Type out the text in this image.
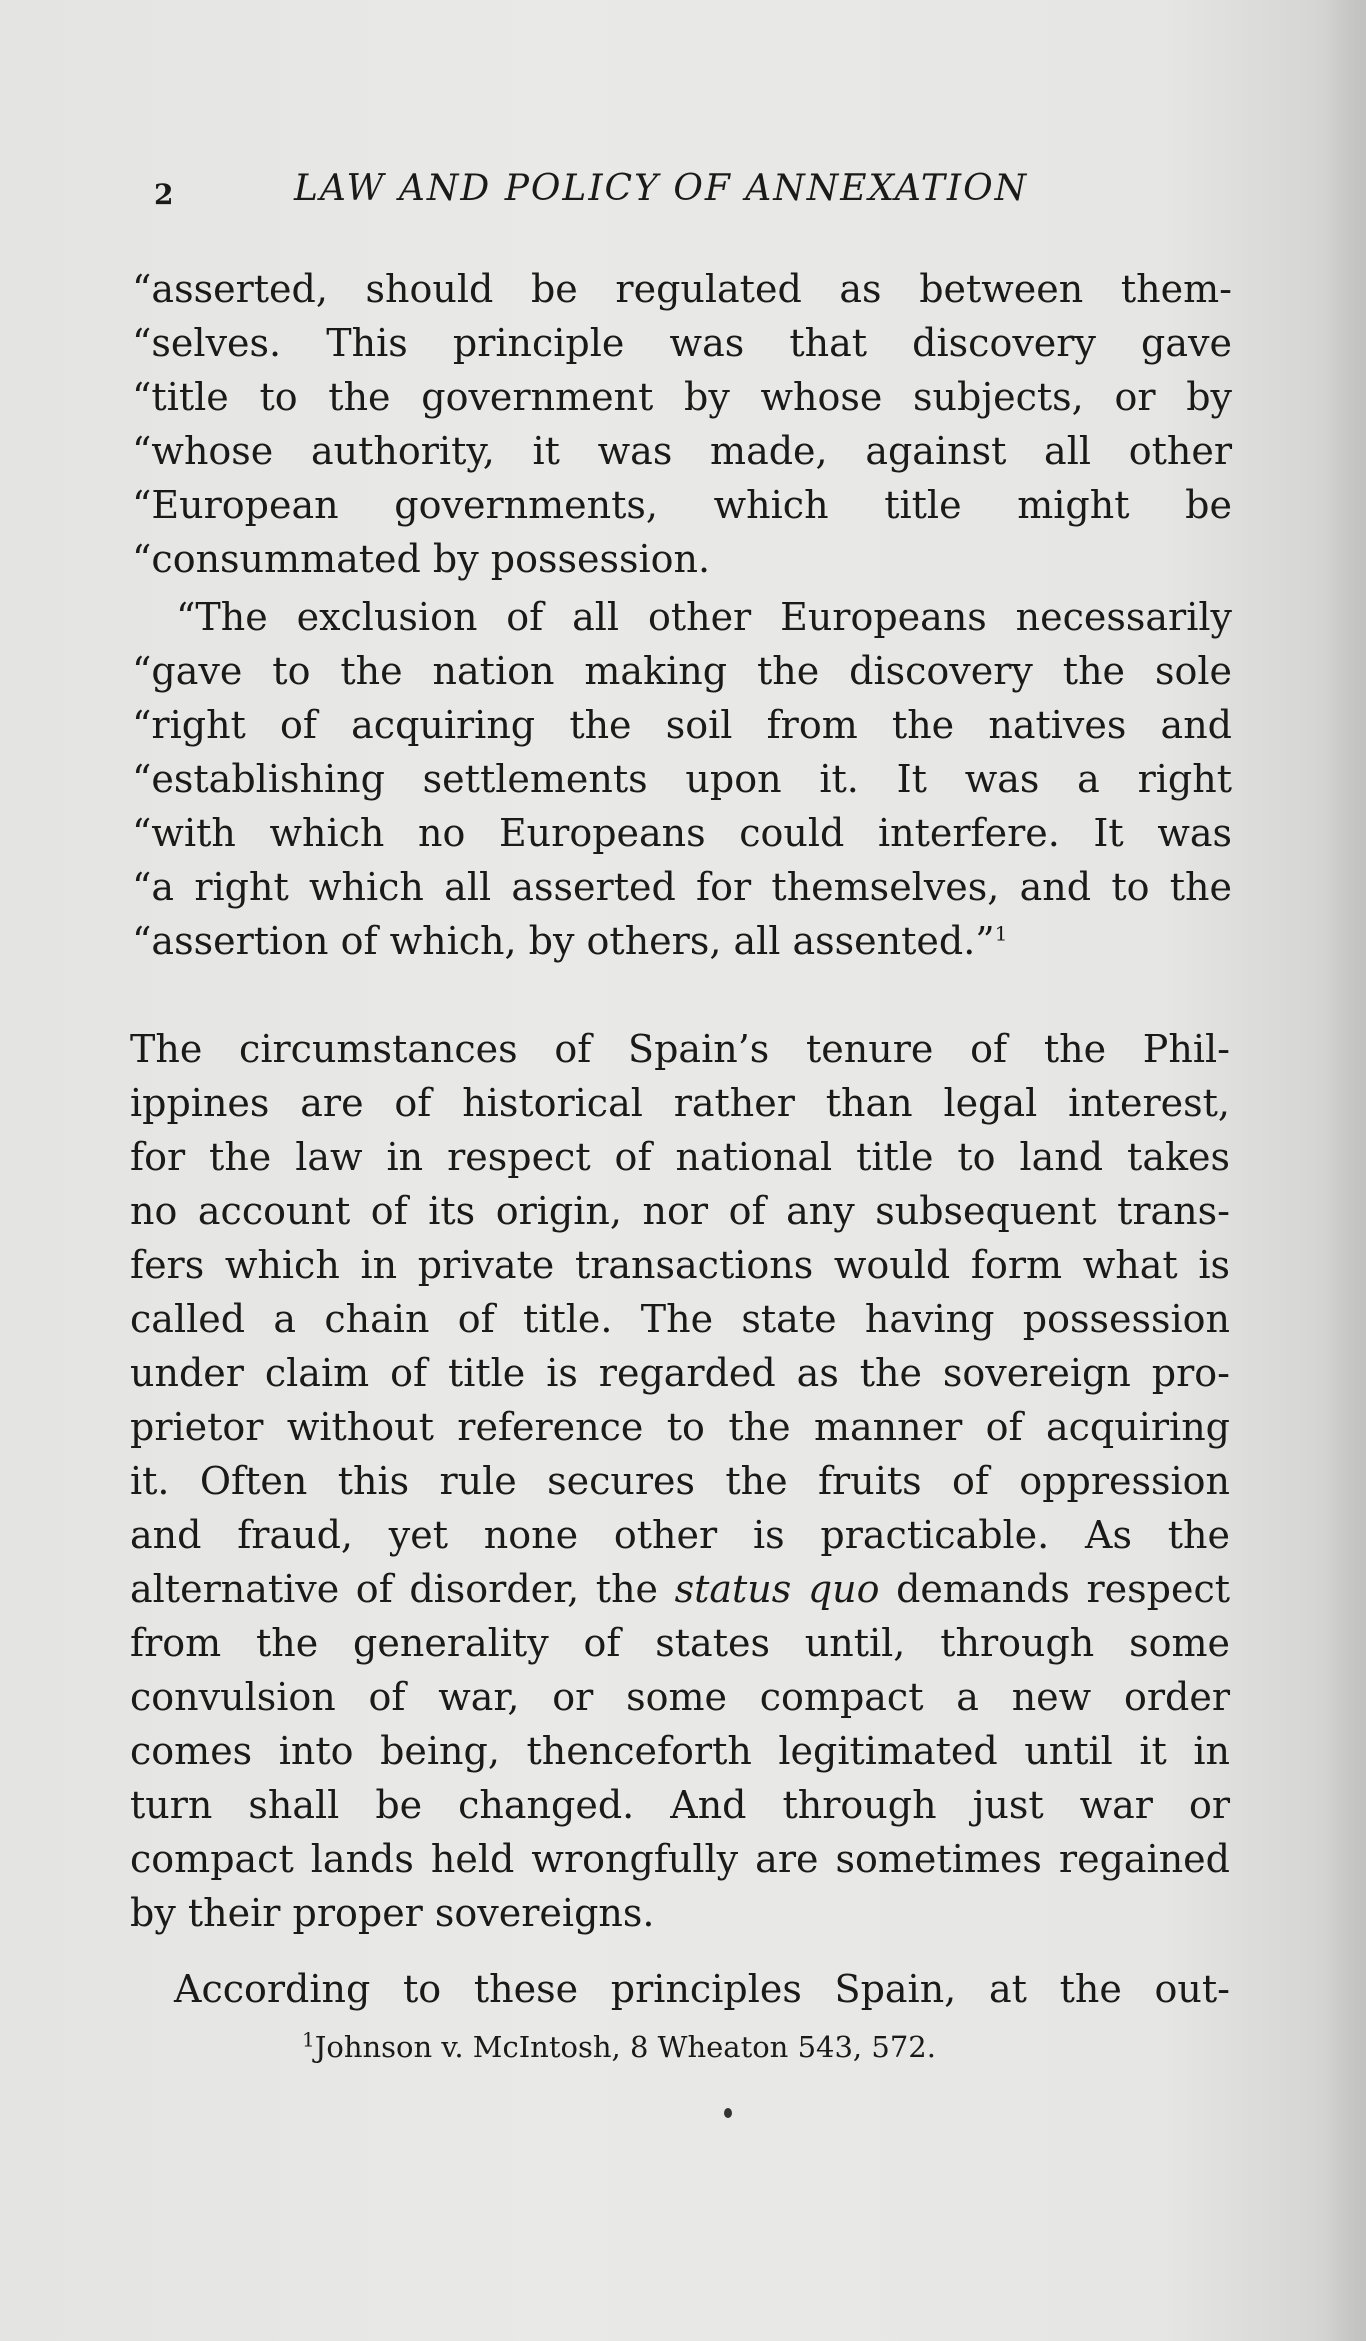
2	LAW AND POLICY OF ANNEXATION
“asserted, should be regulated as between them-
“selves. This principle was that discovery gave
“title to the government by whose subjects, or by
“whose authority, it was made, against all other
“European governments, which title might be
“consummated by possession.
“The exclusion of all other Europeans necessarily
“gave to the nation making the discovery the sole
“right of acquiring the soil from the natives and
“establishing settlements upon it. It was a right
“with which no Europeans could interfere. It was
“a right which all asserted for themselves, and to the
“assertion of which, by others, all assented.”$^1$
The circumstances of Spain’s tenure of the Phil-
ippines are of historical rather than legal interest,
for the law in respect of national title to land takes
no account of its origin, nor of any subsequent trans-
fers which in private transactions would form what is
called a chain of title. The state having possession
under claim of title is regarded as the sovereign pro-
prietor without reference to the manner of acquiring
it. Often this rule secures the fruits of oppression
and fraud, yet none other is practicable. As the
alternative of disorder, the status quo demands respect
from the generality of states until, through some
convulsion of war, or some compact a new order
comes into being, thenceforth legitimated until it in
turn shall be changed. And through just war or
compact lands held wrongfully are sometimes regained
by their proper sovereigns.
According to these principles Spain, at the out-
$^1$Johnson v. McIntosh, 8 Wheaton 543, 572.
